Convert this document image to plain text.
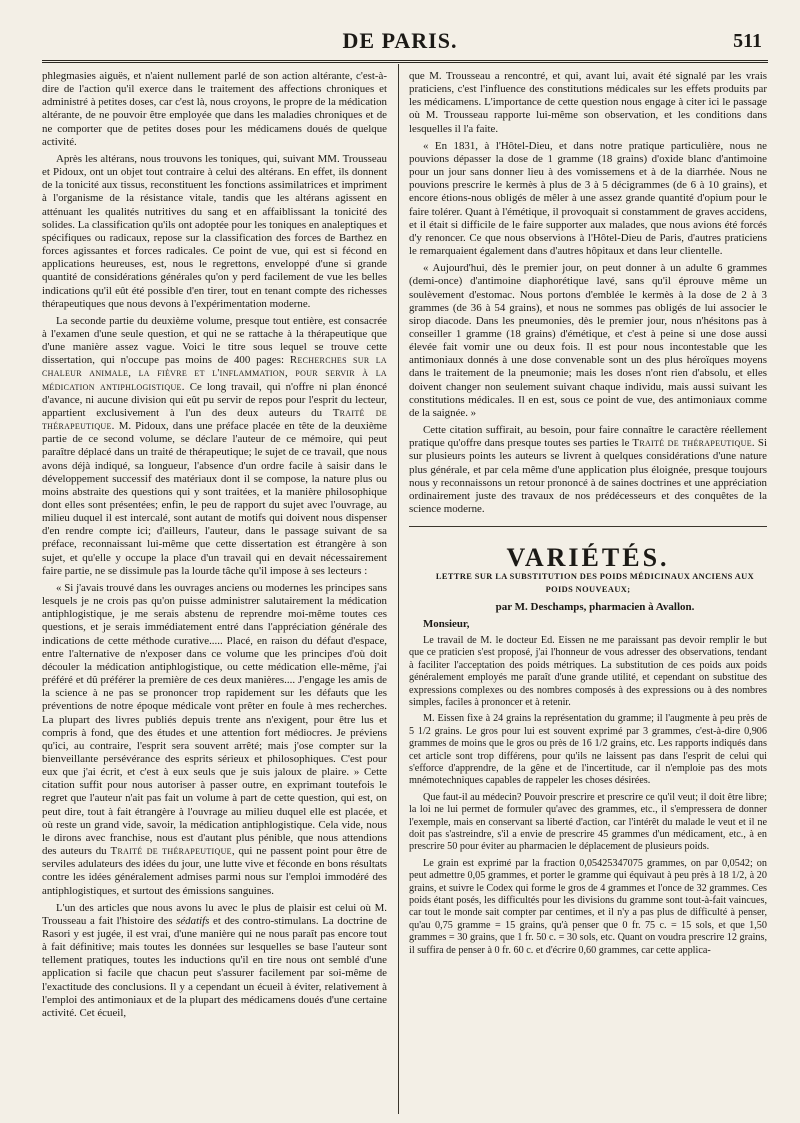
DE PARIS.	511

phlegmasies aiguës, et n'aient nullement parlé de son action altérante, c'est-à-dire de l'action qu'il exerce dans le traitement des affections chroniques et administré à petites doses, car c'est là, nous croyons, le propre de la médication altérante, de ne pouvoir être employée que dans les maladies chroniques et de ne comporter que de petites doses pour les médicamens doués de quelque activité.

Après les altérans, nous trouvons les toniques, qui, suivant MM. Trousseau et Pidoux, ont un objet tout contraire à celui des altérans. En effet, ils donnent de la tonicité aux tissus, reconstituent les fonctions assimilatrices et impriment à l'organisme de la résistance vitale, tandis que les altérans agissent en atténuant les qualités nutritives du sang et en affaiblissant la tonicité des solides. La classification qu'ils ont adoptée pour les toniques en analeptiques et spécifiques ou radicaux, repose sur la classification des forces de Barthez en forces agissantes et forces radicales. Ce point de vue, qui est si fécond en applications heureuses, est, nous le regrettons, enveloppé d'une si grande quantité de considérations générales qu'on y perd facilement de vue les belles indications qu'il eût été possible d'en tirer, tout en tenant compte des richesses thérapeutiques que nous devons à l'expérimentation moderne.

La seconde partie du deuxième volume, presque tout entière, est consacrée à l'examen d'une seule question, et qui ne se rattache à la thérapeutique que d'une manière assez vague. Voici le titre sous lequel se trouve cette dissertation, qui n'occupe pas moins de 400 pages: Recherches sur la chaleur animale, la fièvre et l'inflammation, pour servir à la médication antiphlogistique. Ce long travail, qui n'offre ni plan énoncé d'avance, ni aucune division qui eût pu servir de repos pour l'esprit du lecteur, appartient exclusivement à l'un des deux auteurs du Traité de thérapeutique. M. Pidoux, dans une préface placée en tête de la deuxième partie de ce second volume, se déclare l'auteur de ce mémoire, qui peut paraître déplacé dans un traité de thérapeutique; le sujet de ce travail, que nous avons déjà indiqué, sa longueur, l'absence d'un ordre facile à saisir dans le développement successif des matériaux dont il se compose, la nature plus ou moins abstraite des questions qui y sont traitées, et la manière philosophique dont elles sont présentées; enfin, le peu de rapport du sujet avec l'ouvrage, au milieu duquel il est intercalé, sont autant de motifs qui doivent nous dispenser d'en rendre compte ici; d'ailleurs, l'auteur, dans le passage suivant de sa préface, reconnaissant lui-même que cette dissertation est étrangère à son sujet, et qu'elle y occupe la place d'un travail qui en devait nécessairement faire partie, ne se dissimule pas la lourde tâche qu'il impose à ses lecteurs :

« Si j'avais trouvé dans les ouvrages anciens ou modernes les principes sans lesquels je ne crois pas qu'on puisse administrer salutairement la médication antiphlogistique, je me serais abstenu de reprendre moi-même toutes ces questions, et je serais immédiatement entré dans l'appréciation générale des indications de cette méthode curative..... Placé, en raison du défaut d'espace, entre l'alternative de n'exposer dans ce volume que les principes d'où doit découler la médication antiphlogistique, ou cette médication elle-même, j'ai préféré et dû préférer la première de ces deux manières.... J'engage les amis de la science à ne pas se prononcer trop rapidement sur les défauts que les préventions de notre époque médicale vont prêter en foule à mes recherches. La plupart des livres publiés depuis trente ans n'exigent, pour être lus et compris à fond, que des études et une attention fort médiocres. Je préviens qu'ici, au contraire, l'esprit sera souvent arrêté; mais j'ose compter sur la bienveillante persévérance des esprits sérieux et philosophiques. C'est pour eux que j'ai écrit, et c'est à eux seuls que je suis jaloux de plaire. » Cette citation suffit pour nous autoriser à passer outre, en exprimant toutefois le regret que l'auteur n'ait pas fait un volume à part de cette question, qui est, on peut dire, tout à fait étrangère à l'ouvrage au milieu duquel elle est placée, et où reste un grand vide, savoir, la médication antiphlogistique. Cela vide, nous le dirons avec franchise, nous est d'autant plus pénible, que nous attendions des auteurs du Traité de thérapeutique, qui ne passent point pour être de serviles adulateurs des idées du jour, une lutte vive et féconde en bons résultats contre les idées généralement admises parmi nous sur l'emploi immodéré des antiphlogistiques, et surtout des émissions sanguines.

L'un des articles que nous avons lu avec le plus de plaisir est celui où M. Trousseau a fait l'histoire des sédatifs et des contro-stimulans. La doctrine de Rasori y est jugée, il est vrai, d'une manière qui ne nous paraît pas encore tout à fait définitive; mais toutes les données sur lesquelles se base l'auteur sont tellement pratiques, toutes les inductions qu'il en tire nous ont semblé d'une application si facile que chacun peut s'assurer facilement par soi-même de l'exactitude des conclusions. Il y a cependant un écueil à éviter, relativement à l'emploi des antimoniaux et de la plupart des médicamens doués d'une certaine activité. Cet écueil,

que M. Trousseau a rencontré, et qui, avant lui, avait été signalé par les vrais praticiens, c'est l'influence des constitutions médicales sur les effets produits par les médicamens. L'importance de cette question nous engage à citer ici le passage où M. Trousseau rapporte lui-même son observation, et les conditions dans lesquelles il l'a faite.

« En 1831, à l'Hôtel-Dieu, et dans notre pratique particulière, nous ne pouvions dépasser la dose de 1 gramme (18 grains) d'oxide blanc d'antimoine pour un jour sans donner lieu à des vomissemens et à de la diarrhée. Nous ne pouvions prescrire le kermès à plus de 3 à 5 décigrammes (de 6 à 10 grains), et encore étions-nous obligés de mêler à une assez grande quantité d'opium pour le faire tolérer. Quant à l'émétique, il provoquait si constamment de graves accidens, et il était si difficile de le faire supporter aux malades, que nous avions été forcés d'y renoncer. Ce que nous observions à l'Hôtel-Dieu de Paris, d'autres praticiens le remarquaient également dans d'autres hôpitaux et dans leur clientelle.

« Aujourd'hui, dès le premier jour, on peut donner à un adulte 6 grammes (demi-once) d'antimoine diaphorétique lavé, sans qu'il éprouve même un soulèvement d'estomac. Nous portons d'emblée le kermès à la dose de 2 à 3 grammes (de 36 à 54 grains), et nous ne sommes pas obligés de lui associer le sirop diacode. Dans les pneumonies, dès le premier jour, nous n'hésitons pas à conseiller 1 gramme (18 grains) d'émétique, et c'est à peine si une dose aussi élevée fait vomir une ou deux fois. Il est pour nous incontestable que les antimoniaux donnés à une dose convenable sont un des plus héroïques moyens dans le traitement de la pneumonie; mais les doses n'ont rien d'absolu, et elles doivent changer non seulement suivant chaque individu, mais aussi suivant les constitutions médicales. Il en est, sous ce point de vue, des antimoniaux comme de la saignée. »

Cette citation suffirait, au besoin, pour faire connaître le caractère réellement pratique qu'offre dans presque toutes ses parties le Traité de thérapeutique. Si sur plusieurs points les auteurs se livrent à quelques considérations d'une nature plus générale, et par cela même d'une application plus éloignée, presque toujours nous y reconnaissons un retour prononcé à de saines doctrines et une appréciation ordinairement juste des travaux de nos prédécesseurs et des conquêtes de la science moderne.

VARIÉTÉS.

LETTRE SUR LA SUBSTITUTION DES POIDS MÉDICINAUX ANCIENS AUX POIDS NOUVEAUX;

par M. Deschamps, pharmacien à Avallon.

Monsieur,

Le travail de M. le docteur Ed. Eissen ne me paraissant pas devoir remplir le but que ce praticien s'est proposé, j'ai l'honneur de vous adresser des observations, tendant à faciliter l'acceptation des poids métriques. La substitution de ces poids aux poids généralement employés me paraît d'une grande utilité, et cependant on substitue des expressions complexes ou des nombres composés à des expressions ou à des nombres simples, faciles à prononcer et à retenir.

M. Eissen fixe à 24 grains la représentation du gramme; il l'augmente à peu près de 5 1/2 grains. Le gros pour lui est souvent exprimé par 3 grammes, c'est-à-dire 0,906 grammes de moins que le gros ou près de 16 1/2 grains, etc. Les rapports indiqués dans cet article sont trop différens, pour qu'ils ne laissent pas dans l'esprit de celui qui s'efforce d'apprendre, de la gêne et de l'incertitude, car il n'emploie pas des mots mnémotechniques capables de rappeler les choses désirées.

Que faut-il au médecin? Pouvoir prescrire et prescrire ce qu'il veut; il doit être libre; la loi ne lui permet de formuler qu'avec des grammes, etc., il s'empressera de donner l'exemple, mais en conservant sa liberté d'action, car l'intérêt du malade le veut et il ne doit pas s'astreindre, s'il a envie de prescrire 45 grammes d'un médicament, etc., à en prescrire 50 pour éviter au pharmacien le déplacement de plusieurs poids.

Le grain est exprimé par la fraction 0,05425347075 grammes, on par 0,0542; on peut admettre 0,05 grammes, et porter le gramme qui équivaut à peu près à 18 1/2, à 20 grains, et suivre le Codex qui forme le gros de 4 grammes et l'once de 32 grammes. Ces poids étant posés, les difficultés pour les divisions du gramme sont tout-à-fait vaincues, car tout le monde sait compter par centimes, et il n'y a pas plus de difficulté à penser, qu'au 0,75 gramme = 15 grains, qu'à penser que 0 fr. 75 c. = 15 sols, et que 1,50 grammes = 30 grains, que 1 fr. 50 c. = 30 sols, etc. Quant on voudra prescrire 12 grains, il suffira de penser à 0 fr. 60 c. et d'écrire 0,60 grammes, car cette applica-
